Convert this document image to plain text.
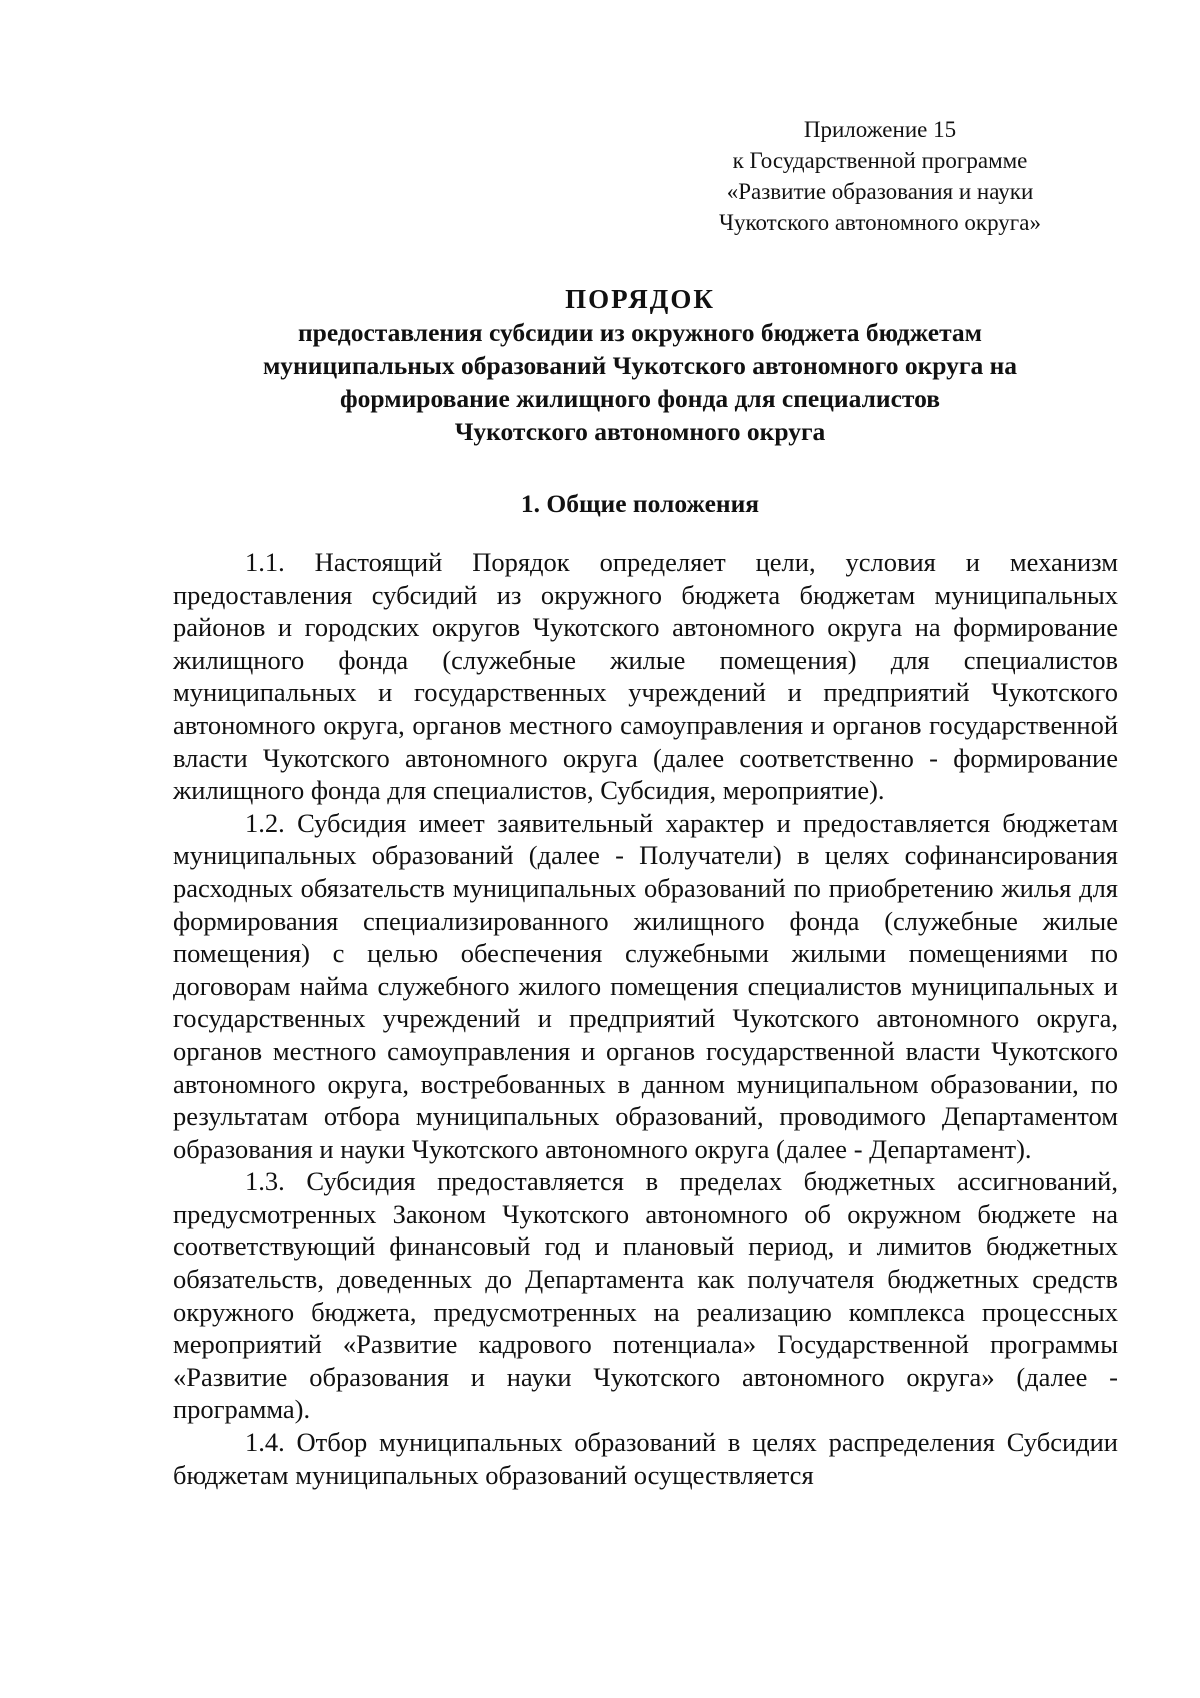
Приложение 15
к Государственной программе
«Развитие образования и науки
Чукотского автономного округа»
ПОРЯДОК
предоставления субсидии из окружного бюджета бюджетам
муниципальных образований Чукотского автономного округа на
формирование жилищного фонда для специалистов
Чукотского автономного округа
1. Общие положения

1.1. Настоящий Порядок определяет цели, условия и механизм предоставления субсидий из окружного бюджета бюджетам муниципальных районов и городских округов Чукотского автономного округа на формирование жилищного фонда (служебные жилые помещения) для специалистов муниципальных и государственных учреждений и предприятий Чукотского автономного округа, органов местного самоуправления и органов государственной власти Чукотского автономного округа (далее соответственно - формирование жилищного фонда для специалистов, Субсидия, мероприятие).

1.2. Субсидия имеет заявительный характер и предоставляется бюджетам муниципальных образований (далее - Получатели) в целях софинансирования расходных обязательств муниципальных образований по приобретению жилья для формирования специализированного жилищного фонда (служебные жилые помещения) с целью обеспечения служебными жилыми помещениями по договорам найма служебного жилого помещения специалистов муниципальных и государственных учреждений и предприятий Чукотского автономного округа, органов местного самоуправления и органов государственной власти Чукотского автономного округа, востребованных в данном муниципальном образовании, по результатам отбора муниципальных образований, проводимого Департаментом образования и науки Чукотского автономного округа (далее - Департамент).

1.3. Субсидия предоставляется в пределах бюджетных ассигнований, предусмотренных Законом Чукотского автономного об окружном бюджете на соответствующий финансовый год и плановый период, и лимитов бюджетных обязательств, доведенных до Департамента как получателя бюджетных средств окружного бюджета, предусмотренных на реализацию комплекса процессных мероприятий «Развитие кадрового потенциала» Государственной программы «Развитие образования и науки Чукотского автономного округа» (далее - программа).

1.4. Отбор муниципальных образований в целях распределения Субсидии бюджетам муниципальных образований осуществляется
